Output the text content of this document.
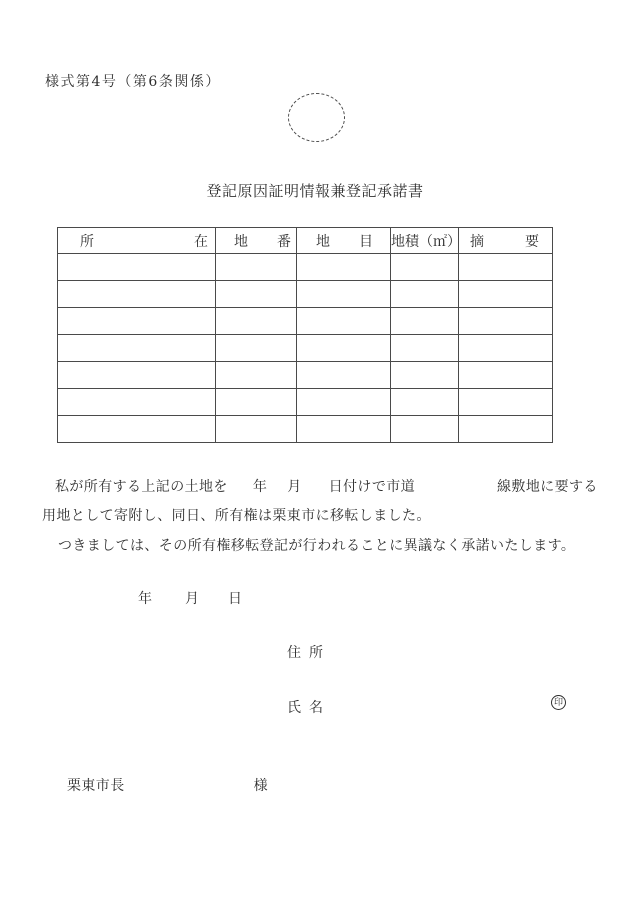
様式第4号（第6条関係）
登記原因証明情報兼登記承諾書
所 在	地 番	地 目	地積（㎡）	摘 要

私が所有する上記の土地を 年 月 日付けで市道	線敷地に要する
用地として寄附し、同日、所有権は栗東市に移転しました。
つきましては、その所有権移転登記が行われることに異議なく承諾いたします。
年 月 日
住 所
氏 名	印
栗東市長	様
